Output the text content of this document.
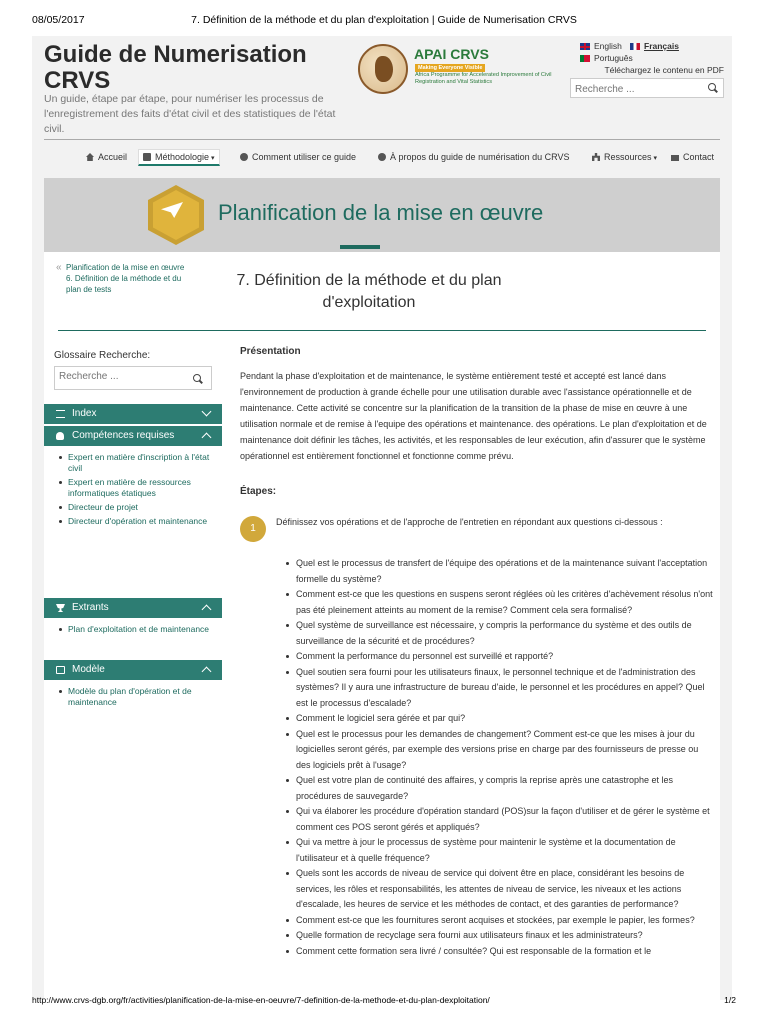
08/05/2017	7. Définition de la méthode et du plan d'exploitation | Guide de Numerisation CRVS
Guide de Numerisation CRVS
Un guide, étape par étape, pour numériser les processus de l'enregistrement des faits d'état civil et des statistiques de l'état civil.
APAI CRVS
Making Everyone Visible
Africa Programme for Accelerated Improvement of Civil Registration and Vital Statistics
English
Português
Français
Téléchargez le contenu en PDF
Recherche ...
Accueil	Méthodologie ▾	Comment utiliser ce guide	À propos du guide de numérisation du CRVS	Ressources ▾	Contact
Planification de la mise en œuvre
« Planification de la mise en œuvre
6. Définition de la méthode et du plan de tests
7. Définition de la méthode et du plan d'exploitation
Glossaire Recherche:
Recherche ...
Index
Compétences requises
Expert en matière d'inscription à l'état civil
Expert en matière de ressources informatiques étatiques
Directeur de projet
Directeur d'opération et maintenance
Extrants
Plan d'exploitation et de maintenance
Modèle
Modèle du plan d'opération et de maintenance
Présentation
Pendant la phase d'exploitation et de maintenance, le système entièrement testé et accepté est lancé dans l'environnement de production à grande échelle pour une utilisation durable avec l'assistance opérationnelle et de maintenance. Cette activité se concentre sur la planification de la transition de la phase de mise en œuvre à une utilisation normale et de remise à l'equipe des opérations et maintenance. des opérations. Le plan d'exploitation et de maintenance doit définir les tâches, les activités, et les responsables de leur exécution, afin d'assurer que le système opérationnel est entièrement fonctionnel et fonctionne comme prévu.
Étapes:
1
Définissez vos opérations et de l'approche de l'entretien en répondant aux questions ci-dessous :
Quel est le processus de transfert de l'équipe des opérations et de la maintenance suivant l'acceptation formelle du système?
Comment est-ce que les questions en suspens seront réglées où les critères d'achèvement résolus n'ont pas été pleinement atteints au moment de la remise? Comment cela sera formalisé?
Quel système de surveillance est nécessaire, y compris la performance du système et des outils de surveillance de la sécurité et de procédures?
Comment la performance du personnel est surveillé et rapporté?
Quel soutien sera fourni pour les utilisateurs finaux, le personnel technique et de l'administration des systèmes? Il y aura une infrastructure de bureau d'aide, le personnel et les procédures en appel? Quel est le processus d'escalade?
Comment le logiciel sera gérée et par qui?
Quel est le processus pour les demandes de changement? Comment est-ce que les mises à jour du logicielles seront gérés, par exemple des versions prise en charge par des fournisseurs de presse ou des logiciels prêt à l'usage?
Quel est votre plan de continuité des affaires, y compris la reprise après une catastrophe et les procédures de sauvegarde?
Qui va élaborer les procédure d'opération standard (POS)sur la façon d'utiliser et de gérer le système et comment ces POS seront gérés et appliqués?
Qui va mettre à jour le processus de système pour maintenir le système et la documentation de l'utilisateur et à quelle fréquence?
Quels sont les accords de niveau de service qui doivent être en place, considérant les besoins de services, les rôles et responsabilités, les attentes de niveau de service, les niveaux et les actions d'escalade, les heures de service et les méthodes de contact, et des garanties de performance?
Comment est-ce que les fournitures seront acquises et stockées, par exemple le papier, les formes?
Quelle formation de recyclage sera fourni aux utilisateurs finaux et les administrateurs?
Comment cette formation sera livré / consultée? Qui est responsable de la formation et le
http://www.crvs-dgb.org/fr/activities/planification-de-la-mise-en-oeuvre/7-definition-de-la-methode-et-du-plan-dexploitation/	1/2
